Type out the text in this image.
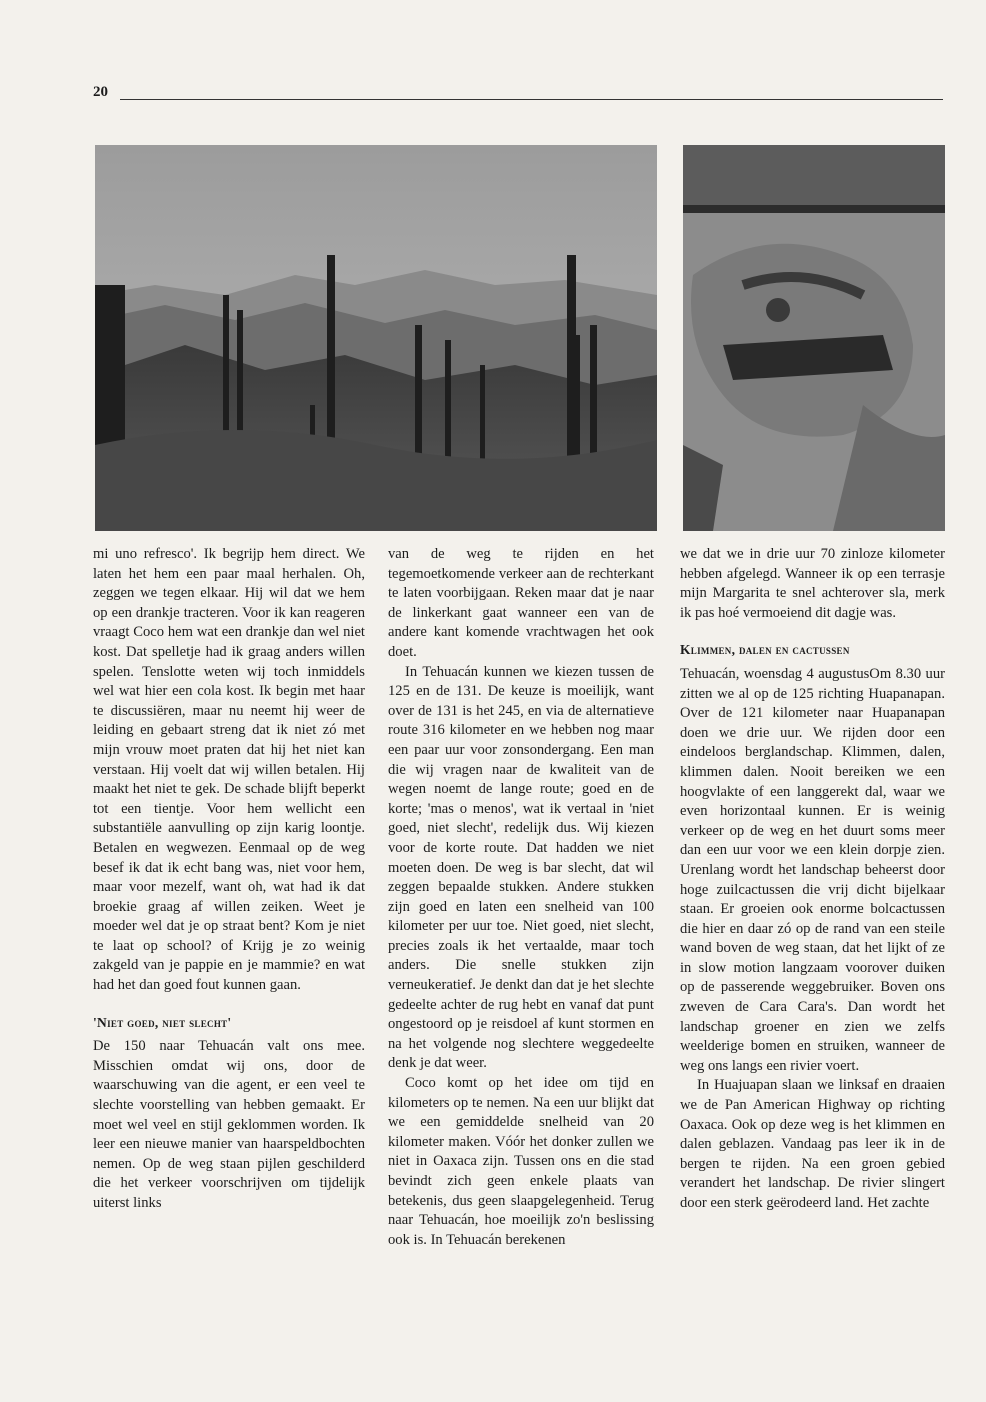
20

mi uno refresco'. Ik begrijp hem direct. We laten het hem een paar maal herhalen. Oh, zeggen we tegen elkaar. Hij wil dat we hem op een drankje tracteren. Voor ik kan reageren vraagt Coco hem wat een drankje dan wel niet kost. Dat spelletje had ik graag anders willen spelen. Tenslotte weten wij toch inmiddels wel wat hier een cola kost. Ik begin met haar te discussiëren, maar nu neemt hij weer de leiding en gebaart streng dat ik niet zó met mijn vrouw moet praten dat hij het niet kan verstaan. Hij voelt dat wij willen betalen. Hij maakt het niet te gek. De schade blijft beperkt tot een tientje. Voor hem wellicht een substantiële aanvulling op zijn karig loontje. Betalen en wegwezen. Eenmaal op de weg besef ik dat ik echt bang was, niet voor hem, maar voor mezelf, want oh, wat had ik dat broekie graag af willen zeiken. Weet je moeder wel dat je op straat bent? Kom je niet te laat op school? of Krijg je zo weinig zakgeld van je pappie en je mammie? en wat had het dan goed fout kunnen gaan.

'Niet goed, niet slecht'

De 150 naar Tehuacán valt ons mee. Misschien omdat wij ons, door de waarschuwing van die agent, er een veel te slechte voorstelling van hebben gemaakt. Er moet wel veel en stijl geklommen worden. Ik leer een nieuwe manier van haarspeldbochten nemen. Op de weg staan pijlen geschilderd die het verkeer voorschrijven om tijdelijk uiterst links

van de weg te rijden en het tegemoetkomende verkeer aan de rechterkant te laten voorbijgaan. Reken maar dat je naar de linkerkant gaat wanneer een van de andere kant komende vrachtwagen het ook doet.

In Tehuacán kunnen we kiezen tussen de 125 en de 131. De keuze is moeilijk, want over de 131 is het 245, en via de alternatieve route 316 kilometer en we hebben nog maar een paar uur voor zonsondergang. Een man die wij vragen naar de kwaliteit van de wegen noemt de lange route; goed en de korte; 'mas o menos', wat ik vertaal in 'niet goed, niet slecht', redelijk dus. Wij kiezen voor de korte route. Dat hadden we niet moeten doen. De weg is bar slecht, dat wil zeggen bepaalde stukken. Andere stukken zijn goed en laten een snelheid van 100 kilometer per uur toe. Niet goed, niet slecht, precies zoals ik het vertaalde, maar toch anders. Die snelle stukken zijn verneukeratief. Je denkt dan dat je het slechte gedeelte achter de rug hebt en vanaf dat punt ongestoord op je reisdoel af kunt stormen en na het volgende nog slechtere weggedeelte denk je dat weer.

Coco komt op het idee om tijd en kilometers op te nemen. Na een uur blijkt dat we een gemiddelde snelheid van 20 kilometer maken. Vóór het donker zullen we niet in Oaxaca zijn. Tussen ons en die stad bevindt zich geen enkele plaats van betekenis, dus geen slaapgelegenheid. Terug naar Tehuacán, hoe moeilijk zo'n beslissing ook is. In Tehuacán berekenen

we dat we in drie uur 70 zinloze kilometer hebben afgelegd. Wanneer ik op een terrasje mijn Margarita te snel achterover sla, merk ik pas hoé vermoeiend dit dagje was.

Klimmen, dalen en cactussen

Tehuacán, woensdag 4 augustusOm 8.30 uur zitten we al op de 125 richting Huapanapan. Over de 121 kilometer naar Huapanapan doen we drie uur. We rijden door een eindeloos berglandschap. Klimmen, dalen, klimmen dalen. Nooit bereiken we een hoogvlakte of een langgerekt dal, waar we even horizontaal kunnen. Er is weinig verkeer op de weg en het duurt soms meer dan een uur voor we een klein dorpje zien. Urenlang wordt het landschap beheerst door hoge zuilcactussen die vrij dicht bijelkaar staan. Er groeien ook enorme bolcactussen die hier en daar zó op de rand van een steile wand boven de weg staan, dat het lijkt of ze in slow motion langzaam voorover duiken op de passerende weggebruiker. Boven ons zweven de Cara Cara's. Dan wordt het landschap groener en zien we zelfs weelderige bomen en struiken, wanneer de weg ons langs een rivier voert.

In Huajuapan slaan we linksaf en draaien we de Pan American Highway op richting Oaxaca. Ook op deze weg is het klimmen en dalen geblazen. Vandaag pas leer ik in de bergen te rijden. Na een groen gebied verandert het landschap. De rivier slingert door een sterk geërodeerd land. Het zachte
